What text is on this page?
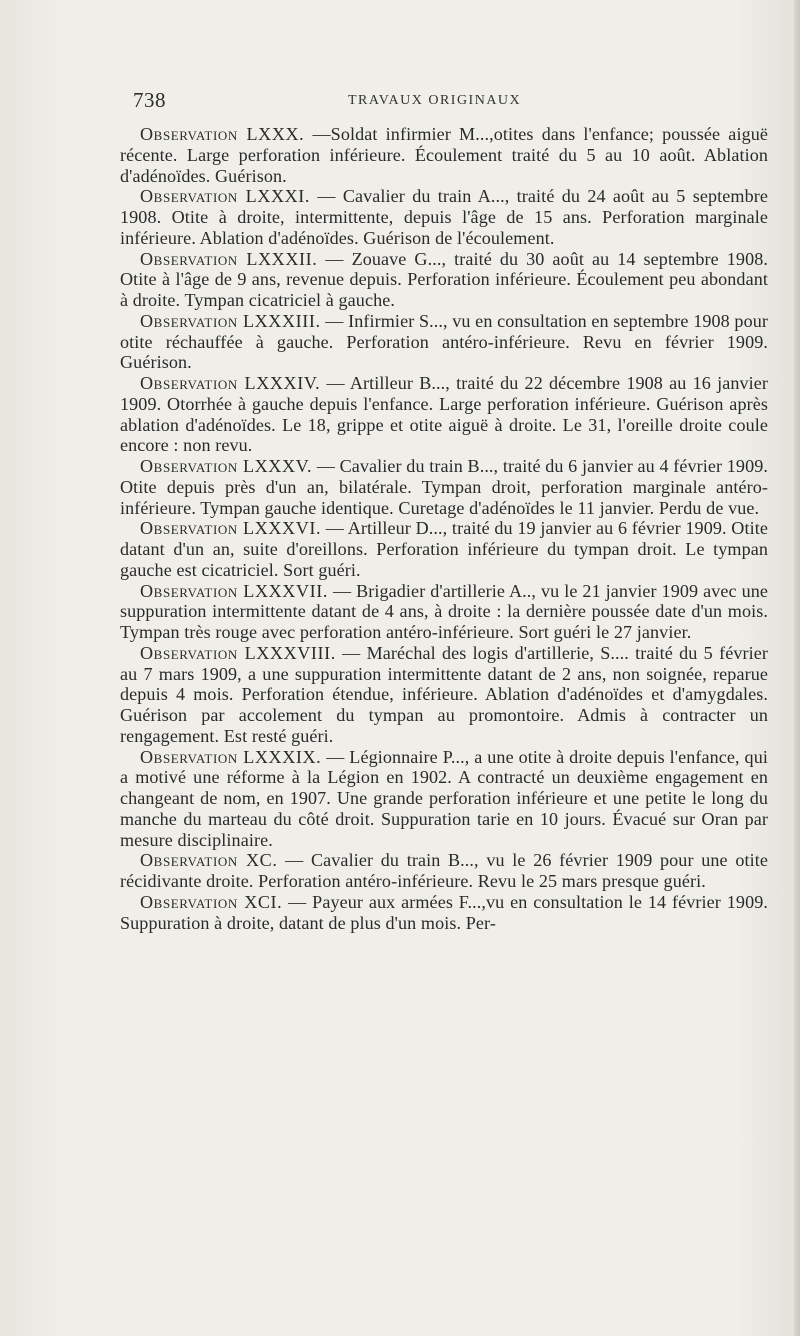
738	TRAVAUX ORIGINAUX

Observation LXXX. —Soldat infirmier M...,otites dans l'enfance; poussée aiguë récente. Large perforation inférieure. Écoulement traité du 5 au 10 août. Ablation d'adénoïdes. Guérison.

Observation LXXXI. — Cavalier du train A..., traité du 24 août au 5 septembre 1908. Otite à droite, intermittente, depuis l'âge de 15 ans. Perforation marginale inférieure. Ablation d'adénoïdes. Guérison de l'écoulement.

Observation LXXXII. — Zouave G..., traité du 30 août au 14 septembre 1908. Otite à l'âge de 9 ans, revenue depuis. Perforation inférieure. Écoulement peu abondant à droite. Tympan cicatriciel à gauche.

Observation LXXXIII. — Infirmier S..., vu en consultation en septembre 1908 pour otite réchauffée à gauche. Perforation antéro-inférieure. Revu en février 1909. Guérison.

Observation LXXXIV. — Artilleur B..., traité du 22 décembre 1908 au 16 janvier 1909. Otorrhée à gauche depuis l'enfance. Large perforation inférieure. Guérison après ablation d'adénoïdes. Le 18, grippe et otite aiguë à droite. Le 31, l'oreille droite coule encore : non revu.

Observation LXXXV. — Cavalier du train B..., traité du 6 janvier au 4 février 1909. Otite depuis près d'un an, bilatérale. Tympan droit, perforation marginale antéro-inférieure. Tympan gauche identique. Curetage d'adénoïdes le 11 janvier. Perdu de vue.

Observation LXXXVI. — Artilleur D..., traité du 19 janvier au 6 février 1909. Otite datant d'un an, suite d'oreillons. Perforation inférieure du tympan droit. Le tympan gauche est cicatriciel. Sort guéri.

Observation LXXXVII. — Brigadier d'artillerie A.., vu le 21 janvier 1909 avec une suppuration intermittente datant de 4 ans, à droite : la dernière poussée date d'un mois. Tympan très rouge avec perforation antéro-inférieure. Sort guéri le 27 janvier.

Observation LXXXVIII. — Maréchal des logis d'artillerie, S.... traité du 5 février au 7 mars 1909, a une suppuration intermittente datant de 2 ans, non soignée, reparue depuis 4 mois. Perforation étendue, inférieure. Ablation d'adénoïdes et d'amygdales. Guérison par accolement du tympan au promontoire. Admis à contracter un rengagement. Est resté guéri.

Observation LXXXIX. — Légionnaire P..., a une otite à droite depuis l'enfance, qui a motivé une réforme à la Légion en 1902. A contracté un deuxième engagement en changeant de nom, en 1907. Une grande perforation inférieure et une petite le long du manche du marteau du côté droit. Suppuration tarie en 10 jours. Évacué sur Oran par mesure disciplinaire.

Observation XC. — Cavalier du train B..., vu le 26 février 1909 pour une otite récidivante droite. Perforation antéro-inférieure. Revu le 25 mars presque guéri.

Observation XCI. — Payeur aux armées F...,vu en consultation le 14 février 1909. Suppuration à droite, datant de plus d'un mois. Per-
